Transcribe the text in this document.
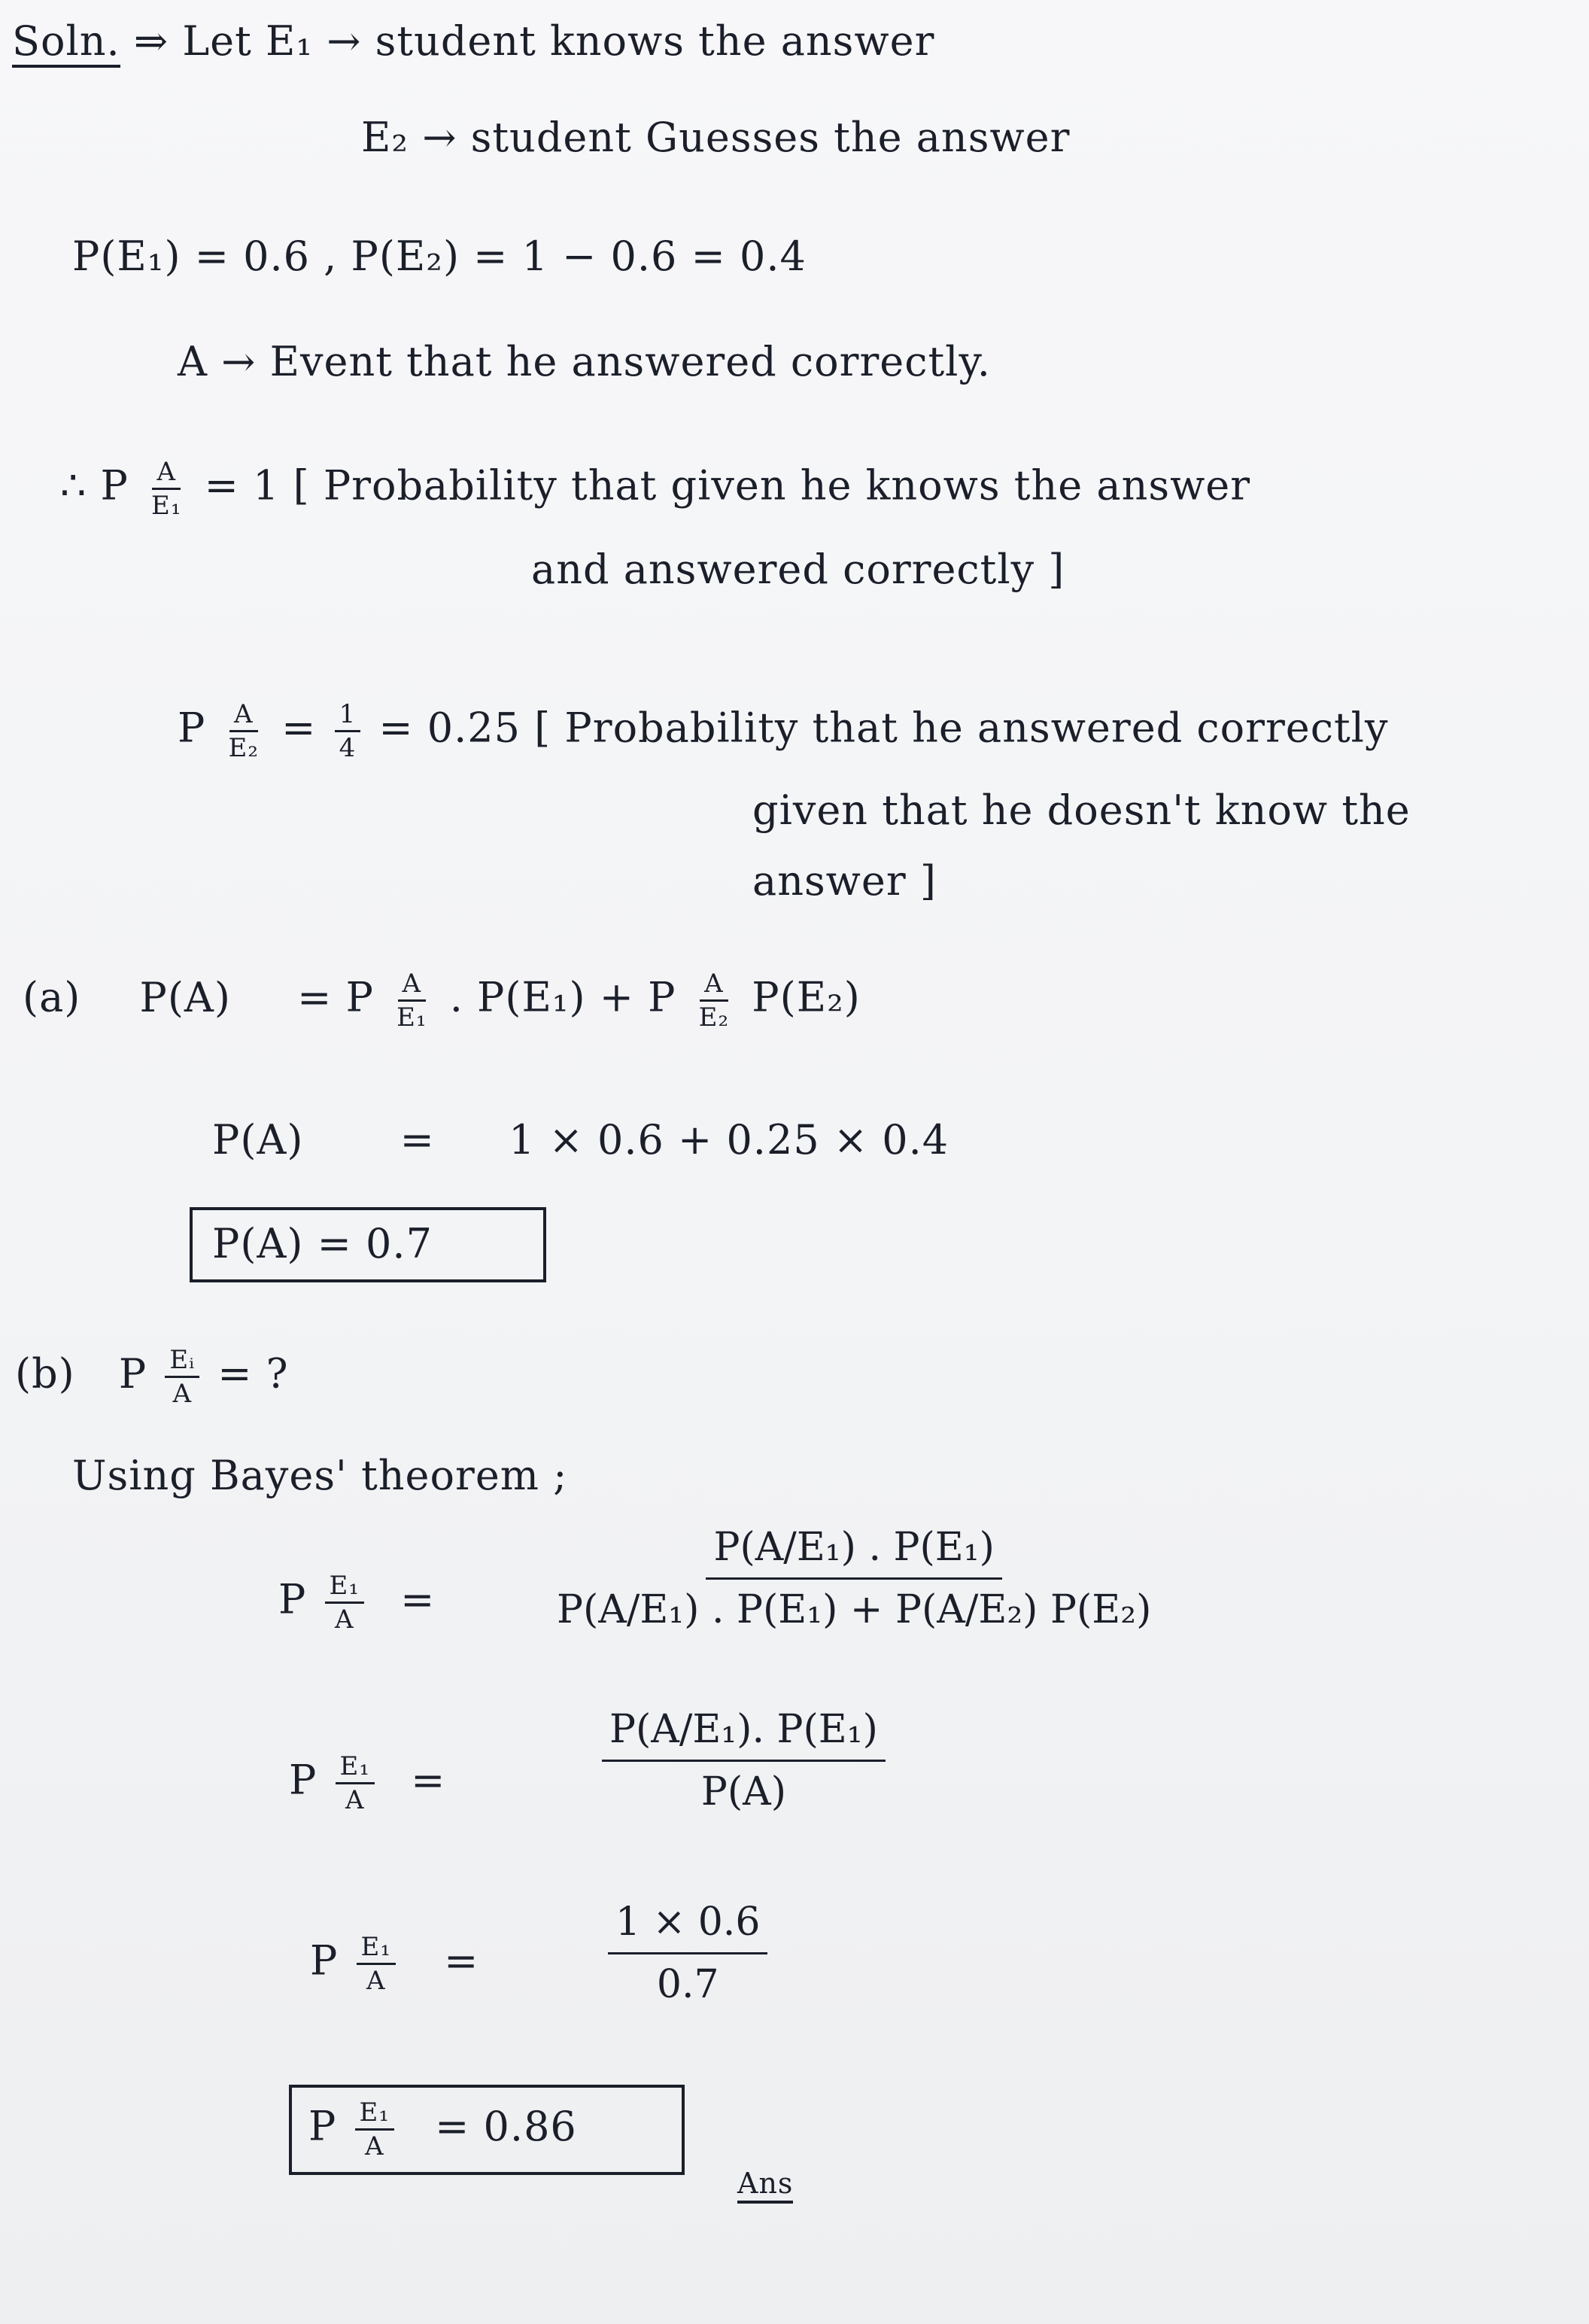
Soln. ⇒ Let E₁ → student knows the answer
E₂ → student Guesses the answer
P(E₁) = 0.6 , P(E₂) = 1 − 0.6 = 0.4
A → Event that he answered correctly.
∴ P $\frac{A}{\text{E₁}} = 1$ [ Probability that given he knows the answer
and answered correctly ]
P $\frac{A}{\text{E₂}} = \frac{1}{4} = 0.25$ [ Probability that he answered correctly
given that he doesn't know the
answer ]
(a) P(A) = P $\frac{A}{\text{E₁}}$ . P(E₁) + P $\frac{A}{\text{E₂}} P(E_2)$
P(A) = 1 × 0.6 + 0.25 × 0.4
P(A) = 0.7
(b) P $\frac{\text{Eᵢ}}{A}$ = ?
Using Bayes' theorem ;
P $\frac{\text{E₁}}{A}$ =	$\frac{\text{P(A/E₁) . P(E₁)}}{\text{P(A/E₁) . P(E₁) + P(A/E₂) P(E₂)}}$
P $\frac{\text{E₁}}{A}$ =	$\frac{\text{P(A/E₁). P(E₁)}}{P(A)}$
P $\frac{\text{E₁}}{A}$ =	$\frac{1 \times 0.6}{0.7}$
P $\frac{\text{E₁}}{A} = 0.86$
Ans
